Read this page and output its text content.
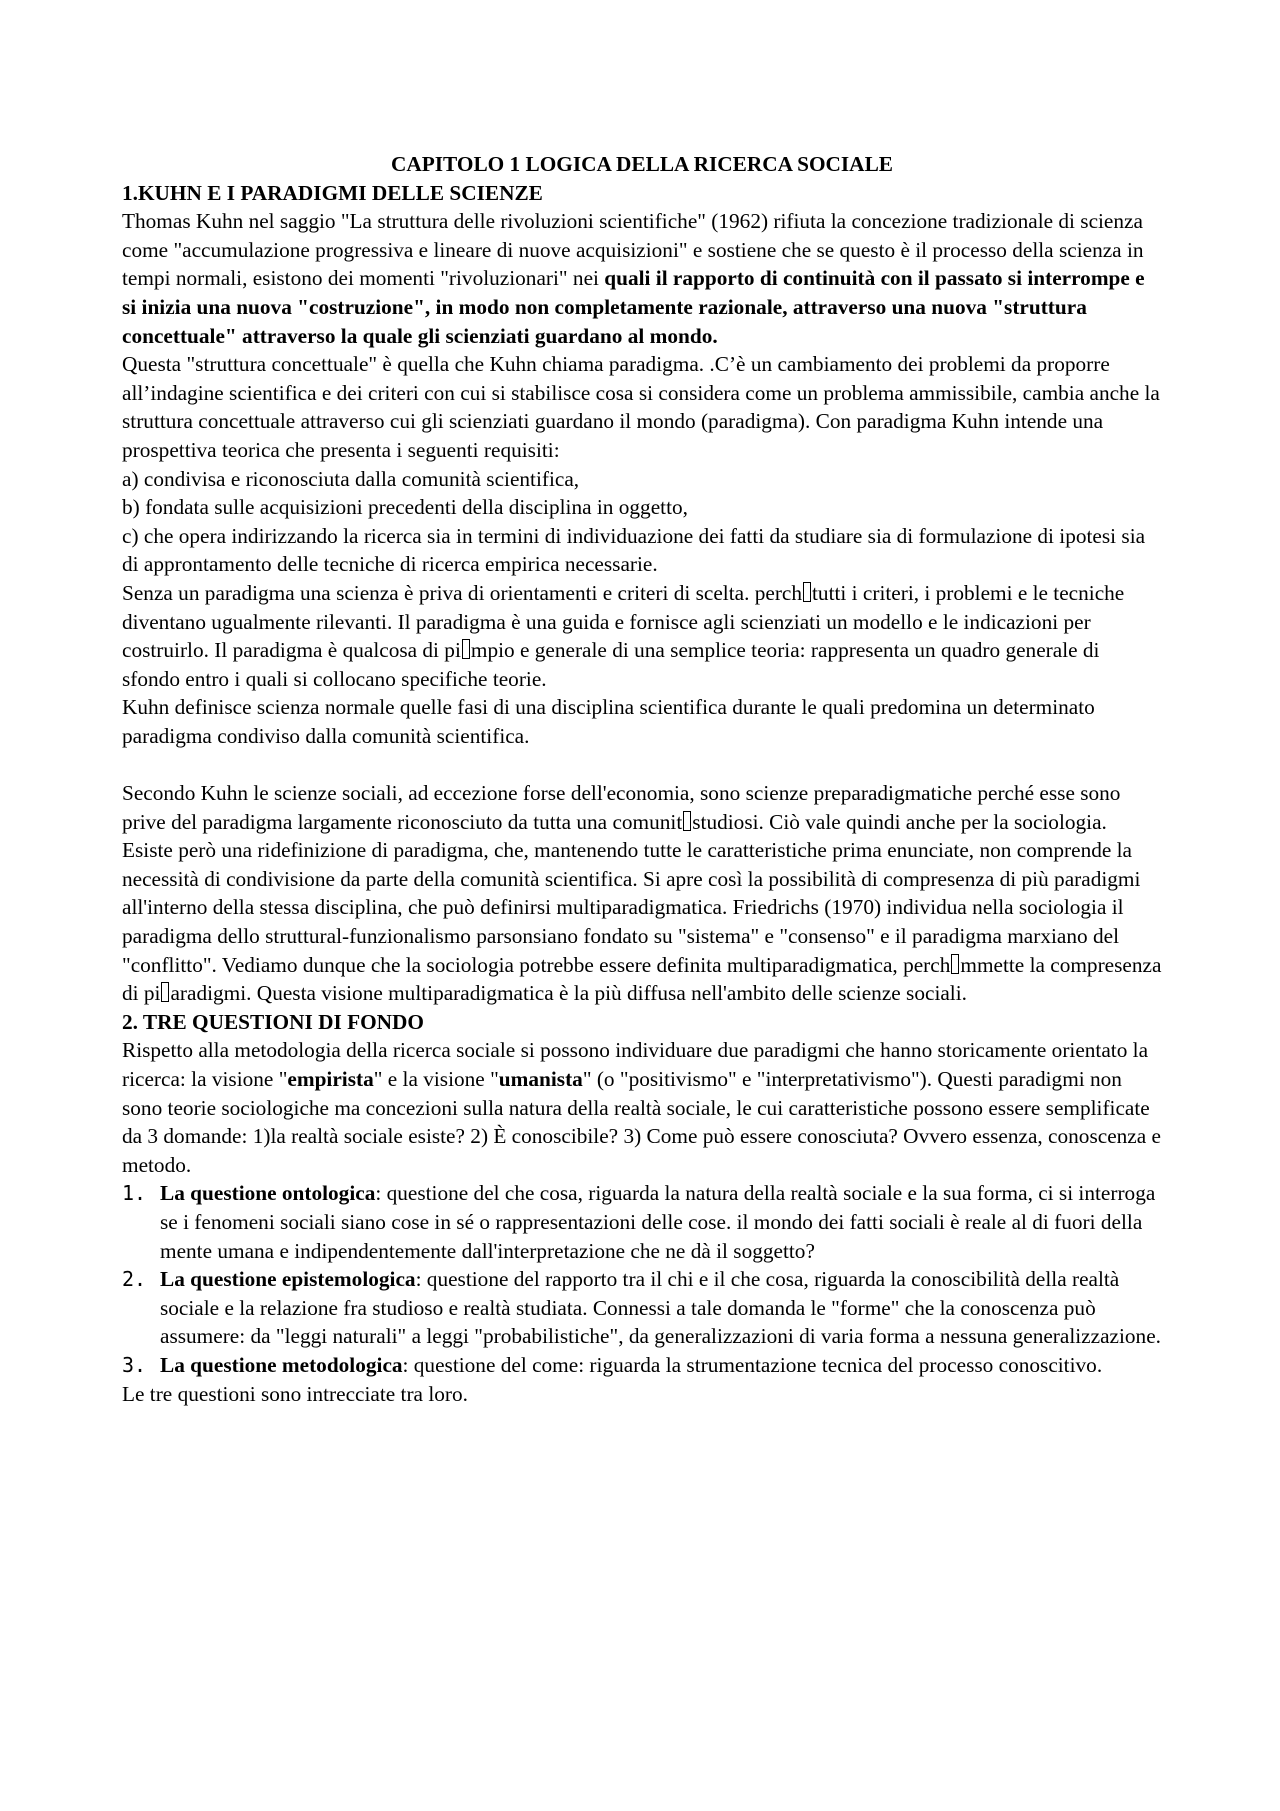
CAPITOLO 1 LOGICA DELLA RICERCA SOCIALE

1.KUHN E I PARADIGMI DELLE SCIENZE

Thomas Kuhn nel saggio "La struttura delle rivoluzioni scientifiche" (1962) rifiuta la concezione tradizionale di scienza come "accumulazione progressiva e lineare di nuove acquisizioni" e sostiene che se questo è il processo della scienza in tempi normali, esistono dei momenti "rivoluzionari" nei quali il rapporto di continuità con il passato si interrompe e si inizia una nuova "costruzione", in modo non completamente razionale, attraverso una nuova "struttura concettuale" attraverso la quale gli scienziati guardano al mondo.

Questa "struttura concettuale" è quella che Kuhn chiama paradigma. .C’è un cambiamento dei problemi da proporre all’indagine scientifica e dei criteri con cui si stabilisce cosa si considera come un problema ammissibile, cambia anche la struttura concettuale attraverso cui gli scienziati guardano il mondo (paradigma). Con paradigma Kuhn intende una prospettiva teorica che presenta i seguenti requisiti:

a) condivisa e riconosciuta dalla comunità scientifica,

b) fondata sulle acquisizioni precedenti della disciplina in oggetto,

c) che opera indirizzando la ricerca sia in termini di individuazione dei fatti da studiare sia di formulazione di ipotesi sia di approntamento delle tecniche di ricerca empirica necessarie.

Senza un paradigma una scienza è priva di orientamenti e criteri di scelta. perch tutti i criteri, i problemi e le tecniche diventano ugualmente rilevanti. Il paradigma è una guida e fornisce agli scienziati un modello e le indicazioni per costruirlo. Il paradigma è qualcosa di pi mpio e generale di una semplice teoria: rappresenta un quadro generale di sfondo entro i quali si collocano specifiche teorie.

Kuhn definisce scienza normale quelle fasi di una disciplina scientifica durante le quali predomina un determinato paradigma condiviso dalla comunità scientifica.

Secondo Kuhn le scienze sociali, ad eccezione forse dell'economia, sono scienze preparadigmatiche perché esse sono prive del paradigma largamente riconosciuto da tutta una comunit studiosi. Ciò vale quindi anche per la sociologia. Esiste però una ridefinizione di paradigma, che, mantenendo tutte le caratteristiche prima enunciate, non comprende la necessità di condivisione da parte della comunità scientifica. Si apre così la possibilità di compresenza di più paradigmi all'interno della stessa disciplina, che può definirsi multiparadigmatica. Friedrichs (1970) individua nella sociologia il paradigma dello struttural-funzionalismo parsonsiano fondato su "sistema" e "consenso" e il paradigma marxiano del "conflitto". Vediamo dunque che la sociologia potrebbe essere definita multiparadigmatica, perch mmette la compresenza di pi aradigmi. Questa visione multiparadigmatica è la più diffusa nell'ambito delle scienze sociali.

2. TRE QUESTIONI DI FONDO

Rispetto alla metodologia della ricerca sociale si possono individuare due paradigmi che hanno storicamente orientato la ricerca: la visione "empirista" e la visione "umanista" (o "positivismo" e "interpretativismo"). Questi paradigmi non sono teorie sociologiche ma concezioni sulla natura della realtà sociale, le cui caratteristiche possono essere semplificate da 3 domande: 1)la realtà sociale esiste? 2) È conoscibile? 3) Come può essere conosciuta? Ovvero essenza, conoscenza e metodo.

1. La questione ontologica: questione del che cosa, riguarda la natura della realtà sociale e la sua forma, ci si interroga se i fenomeni sociali siano cose in sé o rappresentazioni delle cose. il mondo dei fatti sociali è reale al di fuori della mente umana e indipendentemente dall'interpretazione che ne dà il soggetto?
2. La questione epistemologica: questione del rapporto tra il chi e il che cosa, riguarda la conoscibilità della realtà sociale e la relazione fra studioso e realtà studiata. Connessi a tale domanda le "forme" che la conoscenza può assumere: da "leggi naturali" a leggi "probabilistiche", da generalizzazioni di varia forma a nessuna generalizzazione.
3. La questione metodologica: questione del come: riguarda la strumentazione tecnica del processo conoscitivo.

Le tre questioni sono intrecciate tra loro.
